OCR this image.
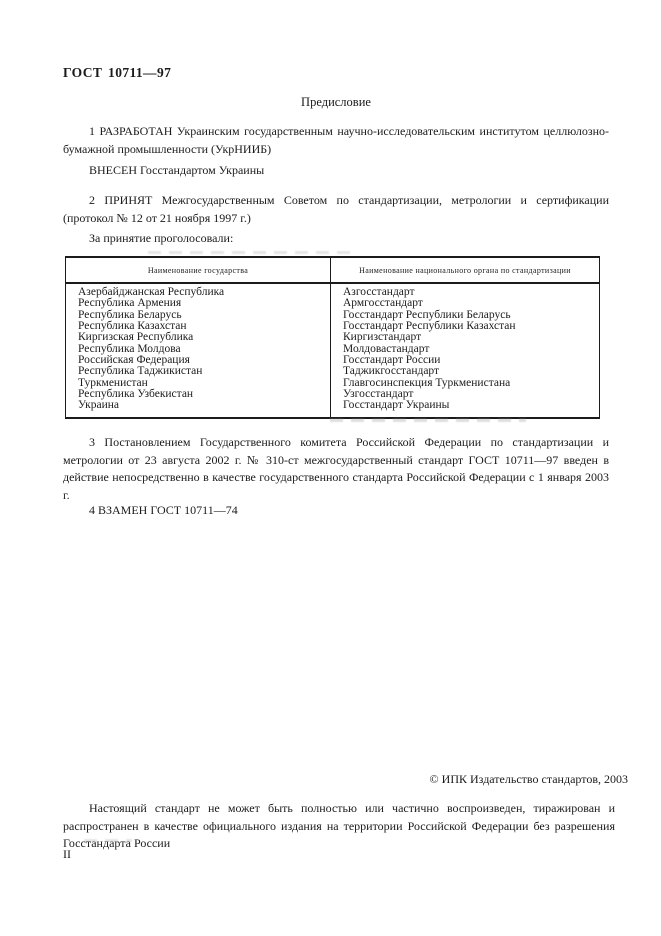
ГОСТ 10711—97
Предисловие

1 РАЗРАБОТАН Украинским государственным научно-исследовательским институтом целлюлозно-бумажной промышленности (УкрНИИБ)

ВНЕСЕН Госстандартом Украины

2 ПРИНЯТ Межгосударственным Советом по стандартизации, метрологии и сертификации (протокол № 12 от 21 ноября 1997 г.)

За принятие проголосовали:

Наименование государства	Наименование национального органа по стандартизации
Азербайджанская Республика
Республика Армения
Республика Беларусь
Республика Казахстан
Киргизская Республика
Республика Молдова
Российская Федерация
Республика Таджикистан
Туркменистан
Республика Узбекистан
Украина
Азгосстандарт
Армгосстандарт
Госстандарт Республики Беларусь
Госстандарт Республики Казахстан
Киргизстандарт
Молдовастандарт
Госстандарт России
Таджикгосстандарт
Главгосинспекция Туркменистана
Узгосстандарт
Госстандарт Украины

3 Постановлением Государственного комитета Российской Федерации по стандартизации и метрологии от 23 августа 2002 г. № 310-ст межгосударственный стандарт ГОСТ 10711—97 введен в действие непосредственно в качестве государственного стандарта Российской Федерации с 1 января 2003 г.

4 ВЗАМЕН ГОСТ 10711—74

© ИПК Издательство стандартов, 2003

Настоящий стандарт не может быть полностью или частично воспроизведен, тиражирован и распространен в качестве официального издания на территории Российской Федерации без разрешения Госстандарта России

II
